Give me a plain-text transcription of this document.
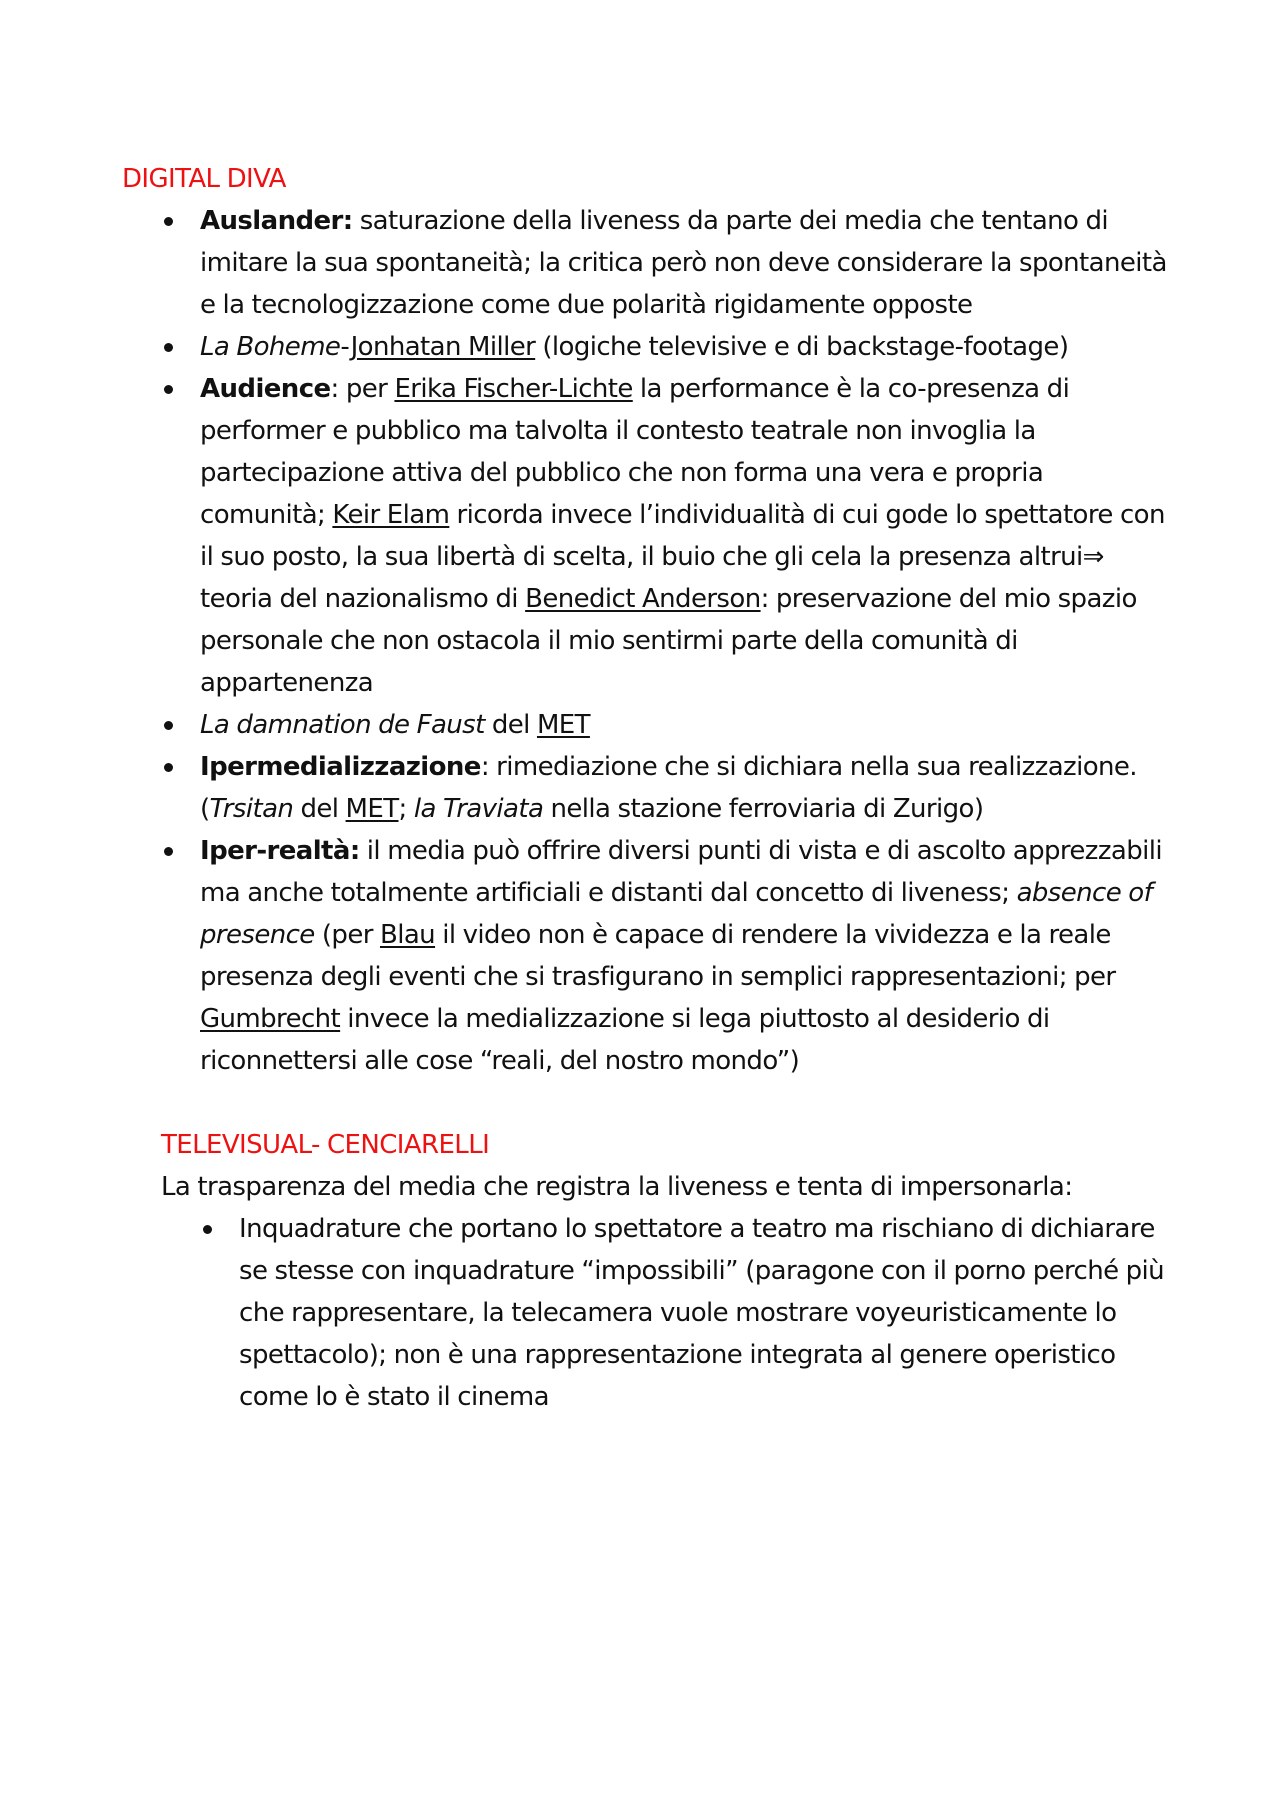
DIGITAL DIVA
Auslander: saturazione della liveness da parte dei media che tentano di imitare la sua spontaneità; la critica però non deve considerare la spontaneità e la tecnologizzazione come due polarità rigidamente opposte
La Boheme-Jonhatan Miller (logiche televisive e di backstage-footage)
Audience: per Erika Fischer-Lichte la performance è la co-presenza di performer e pubblico ma talvolta il contesto teatrale non invoglia la partecipazione attiva del pubblico che non forma una vera e propria comunità; Keir Elam ricorda invece l’individualità di cui gode lo spettatore con il suo posto, la sua libertà di scelta, il buio che gli cela la presenza altrui⇒ teoria del nazionalismo di Benedict Anderson: preservazione del mio spazio personale che non ostacola il mio sentirmi parte della comunità di appartenenza
La damnation de Faust del MET
Ipermedializzazione: rimediazione che si dichiara nella sua realizzazione. (Trsitan del MET; la Traviata nella stazione ferroviaria di Zurigo)
Iper-realtà: il media può offrire diversi punti di vista e di ascolto apprezzabili ma anche totalmente artificiali e distanti dal concetto di liveness; absence of presence (per Blau il video non è capace di rendere la vividezza e la reale presenza degli eventi che si trasfigurano in semplici rappresentazioni; per Gumbrecht invece la medializzazione si lega piuttosto al desiderio di riconnettersi alle cose “reali, del nostro mondo”)
TELEVISUAL- CENCIARELLI

La trasparenza del media che registra la liveness e tenta di impersonarla:

Inquadrature che portano lo spettatore a teatro ma rischiano di dichiarare se stesse con inquadrature “impossibili” (paragone con il porno perché più che rappresentare, la telecamera vuole mostrare voyeuristicamente lo spettacolo); non è una rappresentazione integrata al genere operistico come lo è stato il cinema
